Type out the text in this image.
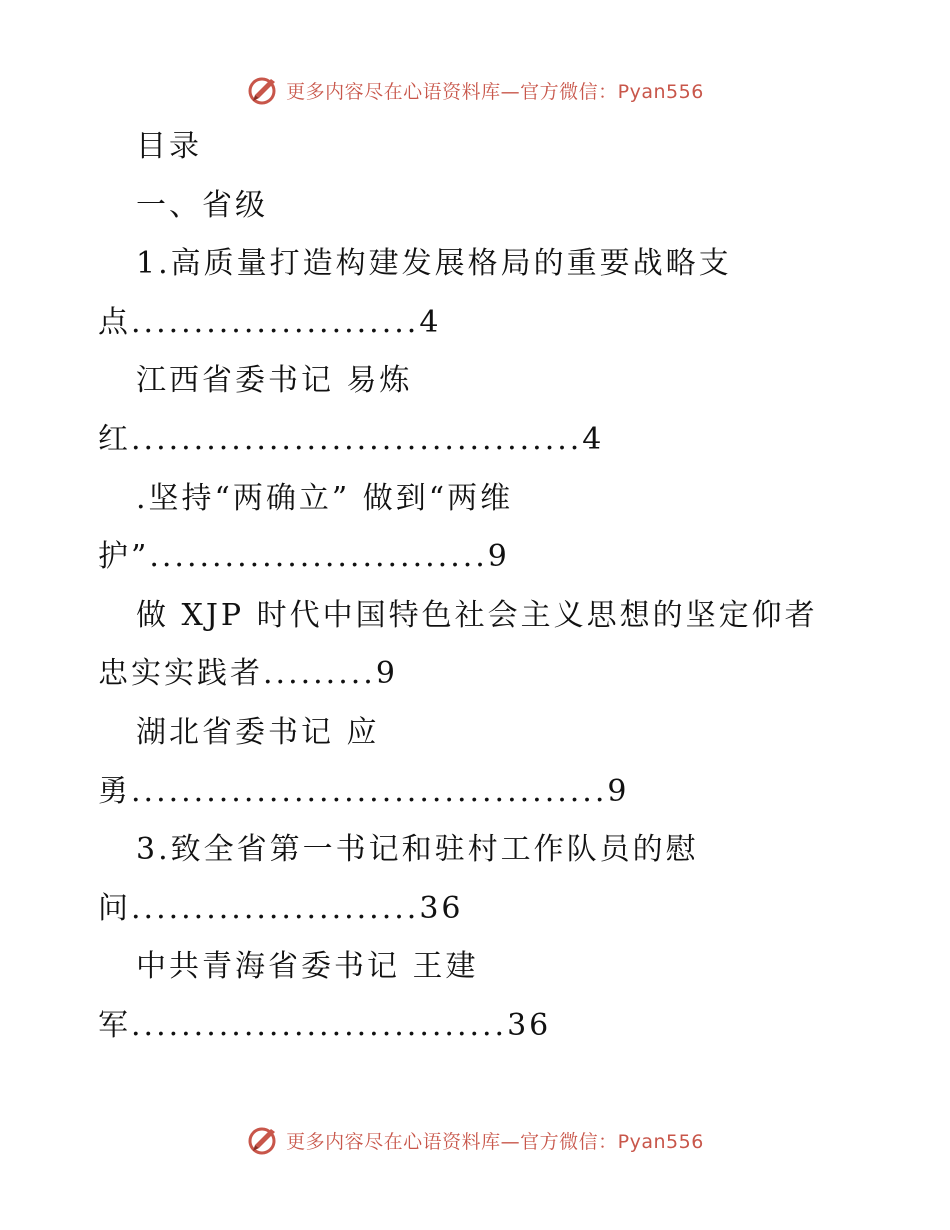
更多内容尽在心语资料库—官方微信：Pyan556
目录
一、省级
1.高质量打造构建发展格局的重要战略支
点.......................4
江西省委书记 易炼
红....................................4
.坚持“两确立” 做到“两维
护”...........................9
做 XJP 时代中国特色社会主义思想的坚定仰者
忠实实践者.........9
湖北省委书记 应
勇......................................9
3.致全省第一书记和驻村工作队员的慰
问.......................36
中共青海省委书记 王建
军..............................36
更多内容尽在心语资料库—官方微信：Pyan556
